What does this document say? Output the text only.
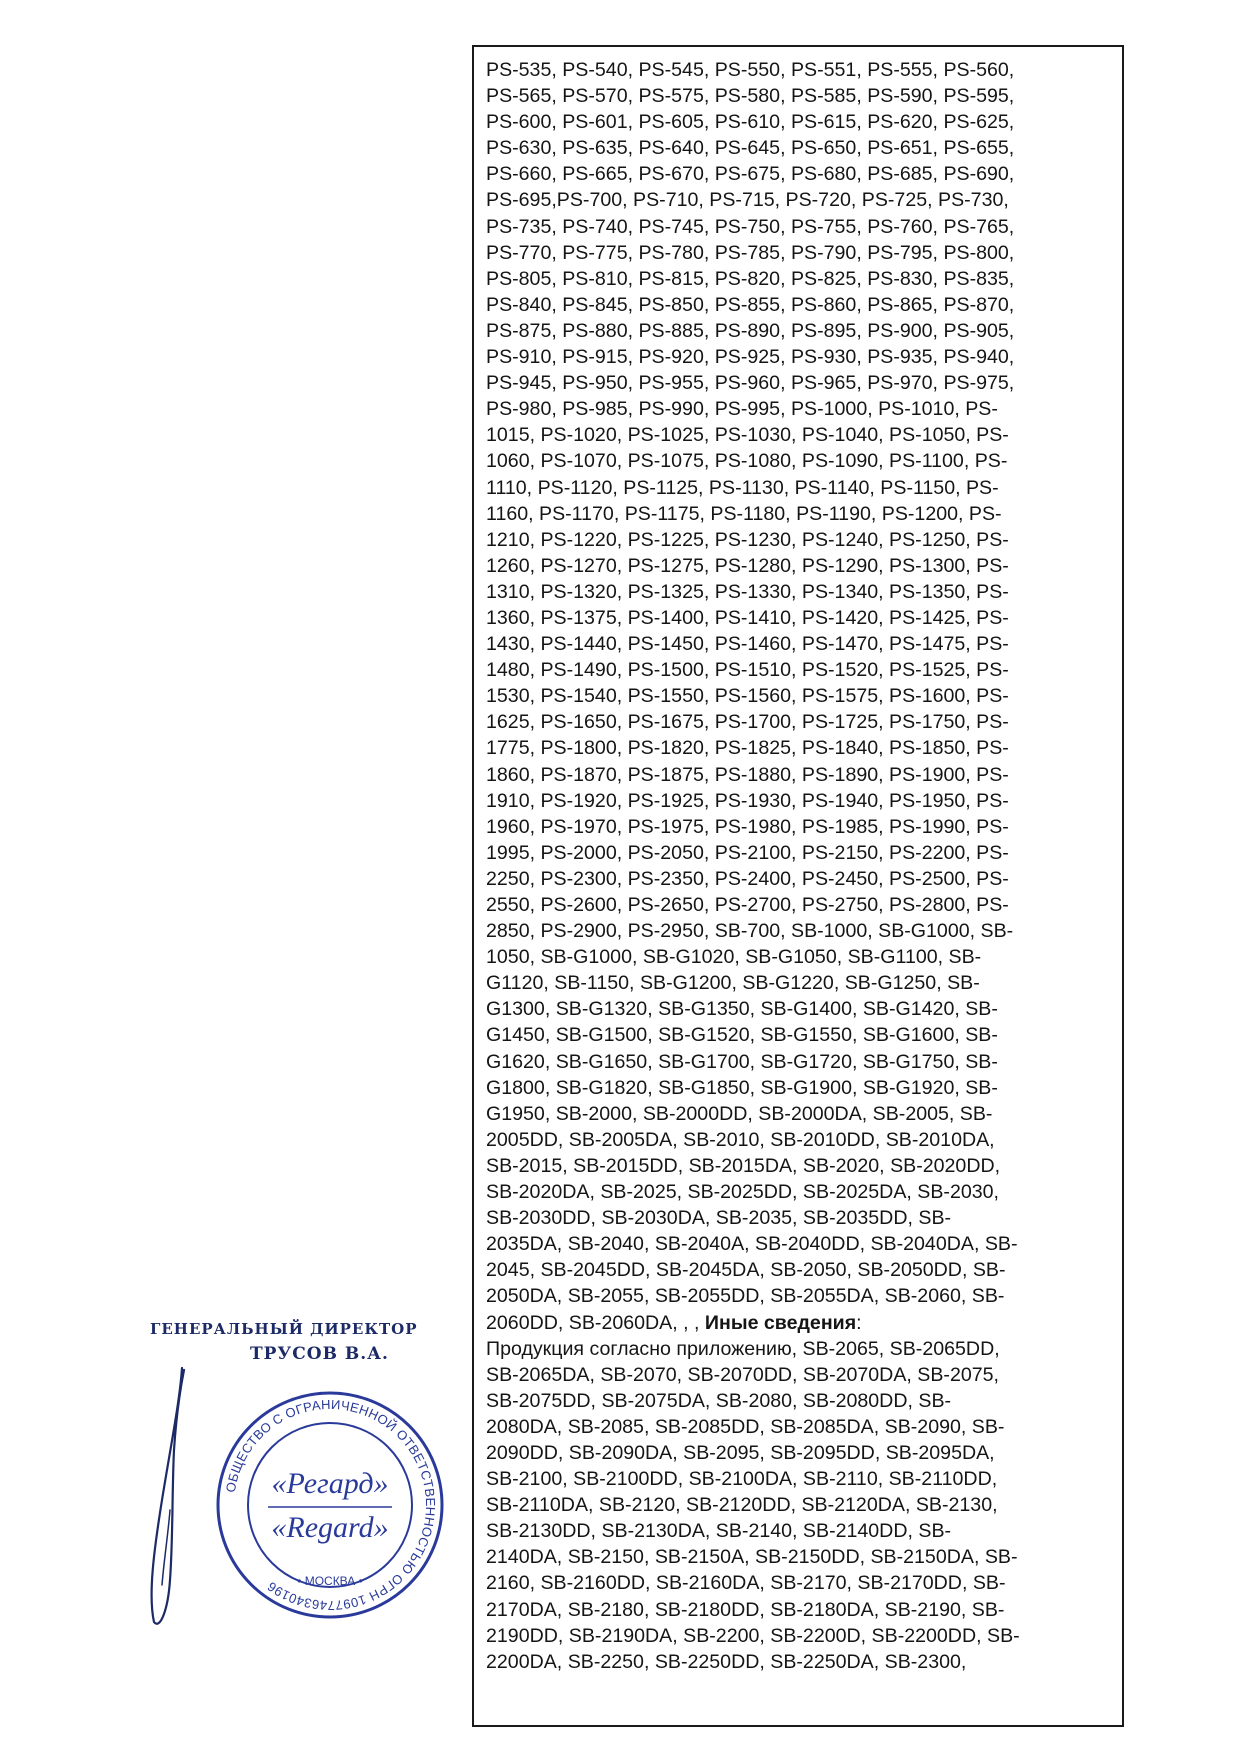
PS-535, PS-540, PS-545, PS-550, PS-551, PS-555, PS-560,
PS-565, PS-570, PS-575, PS-580, PS-585, PS-590, PS-595,
PS-600, PS-601, PS-605, PS-610, PS-615, PS-620, PS-625,
PS-630, PS-635, PS-640, PS-645, PS-650, PS-651, PS-655,
PS-660, PS-665, PS-670, PS-675, PS-680, PS-685, PS-690,
PS-695,PS-700, PS-710, PS-715, PS-720, PS-725, PS-730,
PS-735, PS-740, PS-745, PS-750, PS-755, PS-760, PS-765,
PS-770, PS-775, PS-780, PS-785, PS-790, PS-795, PS-800,
PS-805, PS-810, PS-815, PS-820, PS-825, PS-830, PS-835,
PS-840, PS-845, PS-850, PS-855, PS-860, PS-865, PS-870,
PS-875, PS-880, PS-885, PS-890, PS-895, PS-900, PS-905,
PS-910, PS-915, PS-920, PS-925, PS-930, PS-935, PS-940,
PS-945, PS-950, PS-955, PS-960, PS-965, PS-970, PS-975,
PS-980, PS-985, PS-990, PS-995, PS-1000, PS-1010, PS-
1015, PS-1020, PS-1025, PS-1030, PS-1040, PS-1050, PS-
1060, PS-1070, PS-1075, PS-1080, PS-1090, PS-1100, PS-
1110, PS-1120, PS-1125, PS-1130, PS-1140, PS-1150, PS-
1160, PS-1170, PS-1175, PS-1180, PS-1190, PS-1200, PS-
1210, PS-1220, PS-1225, PS-1230, PS-1240, PS-1250, PS-
1260, PS-1270, PS-1275, PS-1280, PS-1290, PS-1300, PS-
1310, PS-1320, PS-1325, PS-1330, PS-1340, PS-1350, PS-
1360, PS-1375, PS-1400, PS-1410, PS-1420, PS-1425, PS-
1430, PS-1440, PS-1450, PS-1460, PS-1470, PS-1475, PS-
1480, PS-1490, PS-1500, PS-1510, PS-1520, PS-1525, PS-
1530, PS-1540, PS-1550, PS-1560, PS-1575, PS-1600, PS-
1625, PS-1650, PS-1675, PS-1700, PS-1725, PS-1750, PS-
1775, PS-1800, PS-1820, PS-1825, PS-1840, PS-1850, PS-
1860, PS-1870, PS-1875, PS-1880, PS-1890, PS-1900, PS-
1910, PS-1920, PS-1925, PS-1930, PS-1940, PS-1950, PS-
1960, PS-1970, PS-1975, PS-1980, PS-1985, PS-1990, PS-
1995, PS-2000, PS-2050, PS-2100, PS-2150, PS-2200, PS-
2250, PS-2300, PS-2350, PS-2400, PS-2450, PS-2500, PS-
2550, PS-2600, PS-2650, PS-2700, PS-2750, PS-2800, PS-
2850, PS-2900, PS-2950, SB-700, SB-1000, SB-G1000, SB-
1050, SB-G1000, SB-G1020, SB-G1050, SB-G1100, SB-
G1120, SB-1150, SB-G1200, SB-G1220, SB-G1250, SB-
G1300, SB-G1320, SB-G1350, SB-G1400, SB-G1420, SB-
G1450, SB-G1500, SB-G1520, SB-G1550, SB-G1600, SB-
G1620, SB-G1650, SB-G1700, SB-G1720, SB-G1750, SB-
G1800, SB-G1820, SB-G1850, SB-G1900, SB-G1920, SB-
G1950, SB-2000, SB-2000DD, SB-2000DA, SB-2005, SB-
2005DD, SB-2005DA, SB-2010, SB-2010DD, SB-2010DA,
SB-2015, SB-2015DD, SB-2015DA, SB-2020, SB-2020DD,
SB-2020DA, SB-2025, SB-2025DD, SB-2025DA, SB-2030,
SB-2030DD, SB-2030DA, SB-2035, SB-2035DD, SB-
2035DA, SB-2040, SB-2040A, SB-2040DD, SB-2040DA, SB-
2045, SB-2045DD, SB-2045DA, SB-2050, SB-2050DD, SB-
2050DA, SB-2055, SB-2055DD, SB-2055DA, SB-2060, SB-
2060DD, SB-2060DA, , , Иные сведения:
Продукция согласно приложению, SB-2065, SB-2065DD,
SB-2065DA, SB-2070, SB-2070DD, SB-2070DA, SB-2075,
SB-2075DD, SB-2075DA, SB-2080, SB-2080DD, SB-
2080DA, SB-2085, SB-2085DD, SB-2085DA, SB-2090, SB-
2090DD, SB-2090DA, SB-2095, SB-2095DD, SB-2095DA,
SB-2100, SB-2100DD, SB-2100DA, SB-2110, SB-2110DD,
SB-2110DA, SB-2120, SB-2120DD, SB-2120DA, SB-2130,
SB-2130DD, SB-2130DA, SB-2140, SB-2140DD, SB-
2140DA, SB-2150, SB-2150A, SB-2150DD, SB-2150DA, SB-
2160, SB-2160DD, SB-2160DA, SB-2170, SB-2170DD, SB-
2170DA, SB-2180, SB-2180DD, SB-2180DA, SB-2190, SB-
2190DD, SB-2190DA, SB-2200, SB-2200D, SB-2200DD, SB-
2200DA, SB-2250, SB-2250DD, SB-2250DA, SB-2300,
ГЕНЕРАЛЬНЫЙ ДИРЕКТОР
ТРУСОВ В.А.
ОБЩЕСТВО С ОГРАНИЧЕННОЙ ОТВЕТСТВЕННОСТЬЮ ОГРН 1097746340196	• МОСКВА •
«Регард»
«Regard»
